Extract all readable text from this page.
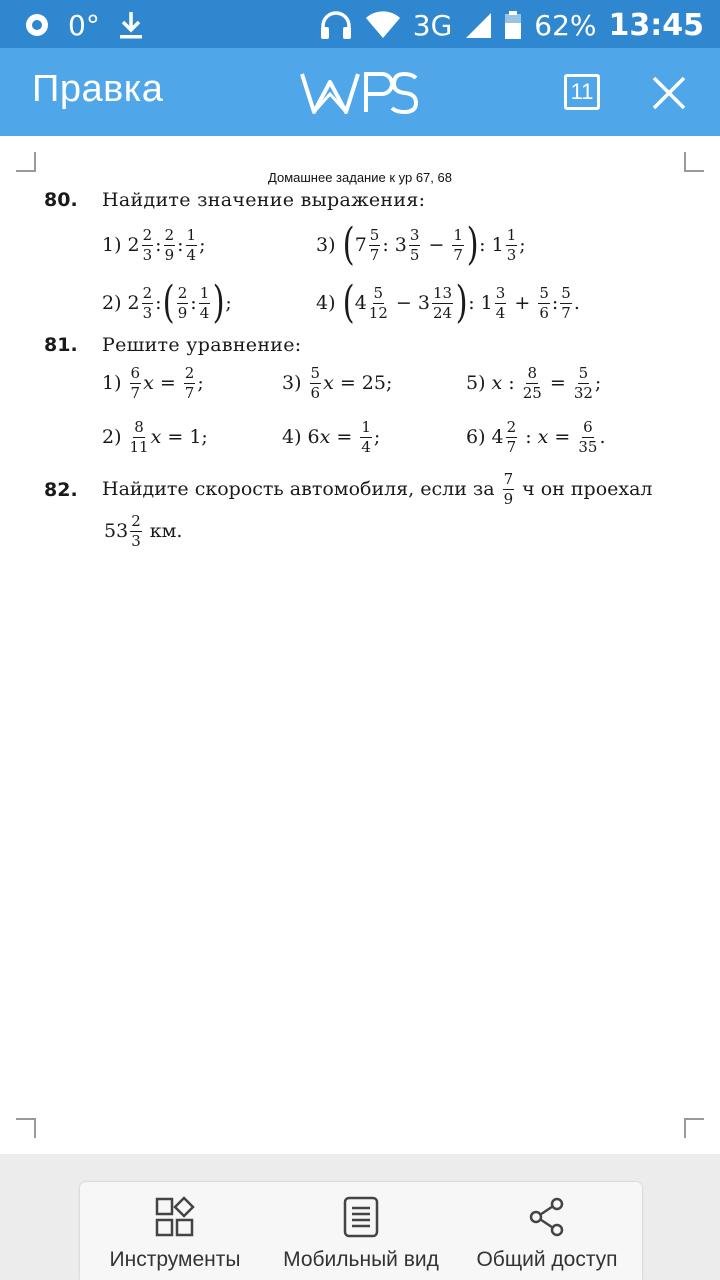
0°	3G	62% 13:45
Правка	11
Домашнее задание к ур 67, 68
80. Найдите значение выражения:
1) $2 \frac{2}{3}$ : $\frac{2}{9}$ : $\frac{1}{4}$ ;	3) ( $7 \frac{5}{7}$ : $3 \frac{3}{5} - \frac{1}{7}$ ) : $1 \frac{1}{3}$ ;
2) $2 \frac{2}{3}$ : ( $\frac{2}{9}$ : $\frac{1}{4}$ ) ;	4) ( $4 \frac{5}{12} - 3 \frac{13}{24}$ ) : $1 \frac{3}{4} + \frac{5}{6}$ : $\frac{5}{7}$ .
81. Решите уравнение:
$1) \frac{6}{7}$ $x = \frac{2}{7}$ ;	$3) \frac{5}{6}$ x = 25;	5) x : $\frac{8}{25} = \frac{5}{32}$ ;
$2) \frac{8}{11}$ x = 1;	4) 6 $x = \frac{1}{4}$ ;	6) $4 \frac{2}{7}$ : $x = \frac{6}{35}$ .
82. Найдите скорость автомобиля, если за $\frac{7}{9}$ ч он проехал
$53 \frac{2}{3}$ км.
Инструменты	Мобильный вид	Общий доступ
